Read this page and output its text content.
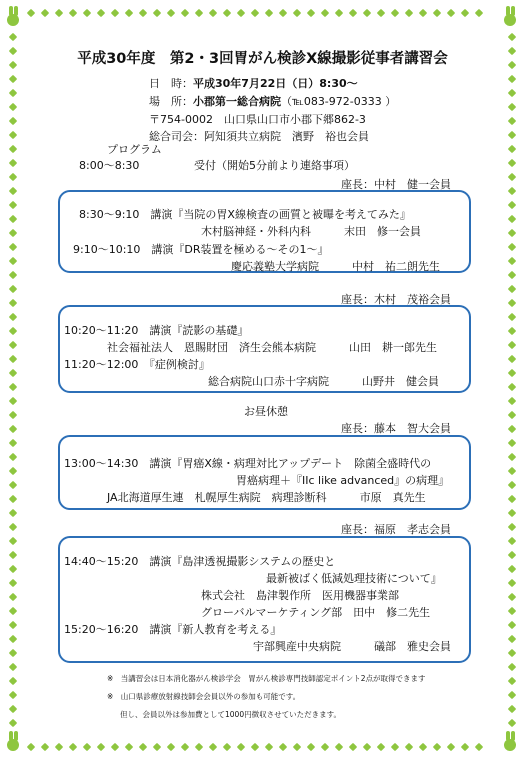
平成30年度　第2・3回胃がん検診X線撮影従事者講習会
日　時：平成30年7月22日（日）8:30〜
場　所：小郡第一総合病院（℡083-972-0333 ）
〒754-0002　山口県山口市小郡下郷862-3
総合司会：阿知須共立病院　濱野　裕也会員
プログラム
8:00〜8:30	受付（開始5分前より連絡事項）
座長：中村　健一会員
8:30〜9:10　講演『当院の胃X線検査の画質と被曝を考えてみた』
木村脳神経・外科内科　　　末田　修一会員
9:10〜10:10　講演『DR装置を極める〜その1〜』
慶応義塾大学病院　　　中村　祐二朗先生
座長：木村　茂裕会員
10:20〜11:20　講演『読影の基礎』
社会福祉法人　恩賜財団　済生会熊本病院　　　山田　耕一郎先生
11:20〜12:00　『症例検討』
総合病院山口赤十字病院　　　山野井　健会員
お昼休憩
座長：藤本　智大会員
13:00〜14:30　講演『胃癌X線・病理対比アップデート　除菌全盛時代の
胃癌病理＋『IIc like advanced』の病理』
JA北海道厚生連　札幌厚生病院　病理診断科　　　市原　真先生
座長：福原　孝志会員
14:40〜15:20　講演『島津透視撮影システムの歴史と
最新被ばく低減処理技術について』
株式会社　島津製作所　医用機器事業部
グローバルマーケティング部　田中　修二先生
15:20〜16:20　講演『新人教育を考える』
宇部興産中央病院　　　礒部　雅史会員
※　当講習会は日本消化器がん検診学会　胃がん検診専門技師認定ポイント2点が取得できます
※　山口県診療放射線技師会会員以外の参加も可能です。
但し、会員以外は参加費として1000円徴収させていただきます。
